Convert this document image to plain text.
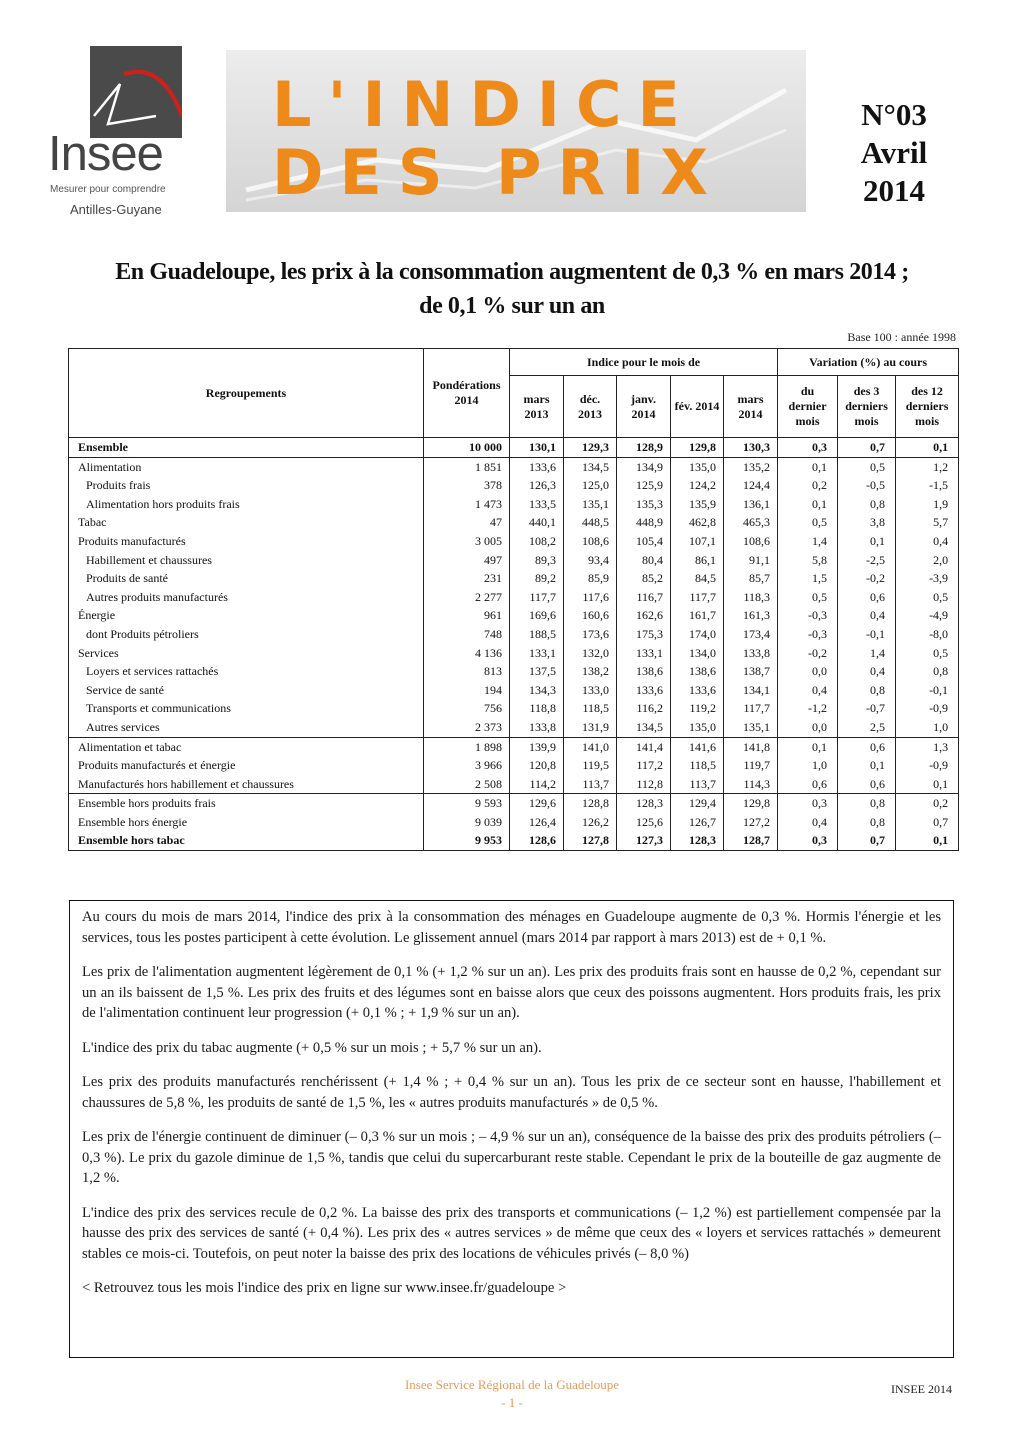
Insee
Mesurer pour comprendre
Antilles-Guyane
L'INDICE
DES PRIX
N°03
Avril
2014
En Guadeloupe, les prix à la consommation augmentent de 0,3 % en mars 2014 ;
de 0,1 % sur un an
Base 100 : année 1998
Regroupements	Pondérations 2014	Indice pour le mois de					Variation (%) au cours		
		mars 2013	déc. 2013	janv. 2014	fév. 2014	mars 2014	du dernier mois	des 3 derniers mois	des 12 derniers mois
Ensemble	10 000	130,1	129,3	128,9	129,8	130,3	0,3	0,7	0,1
Alimentation	1 851	133,6	134,5	134,9	135,0	135,2	0,1	0,5	1,2
Produits frais	378	126,3	125,0	125,9	124,2	124,4	0,2	-0,5	-1,5
Alimentation hors produits frais	1 473	133,5	135,1	135,3	135,9	136,1	0,1	0,8	1,9
Tabac	47	440,1	448,5	448,9	462,8	465,3	0,5	3,8	5,7
Produits manufacturés	3 005	108,2	108,6	105,4	107,1	108,6	1,4	0,1	0,4
Habillement et chaussures	497	89,3	93,4	80,4	86,1	91,1	5,8	-2,5	2,0
Produits de santé	231	89,2	85,9	85,2	84,5	85,7	1,5	-0,2	-3,9
Autres produits manufacturés	2 277	117,7	117,6	116,7	117,7	118,3	0,5	0,6	0,5
Énergie	961	169,6	160,6	162,6	161,7	161,3	-0,3	0,4	-4,9
dont Produits pétroliers	748	188,5	173,6	175,3	174,0	173,4	-0,3	-0,1	-8,0
Services	4 136	133,1	132,0	133,1	134,0	133,8	-0,2	1,4	0,5
Loyers et services rattachés	813	137,5	138,2	138,6	138,6	138,7	0,0	0,4	0,8
Service de santé	194	134,3	133,0	133,6	133,6	134,1	0,4	0,8	-0,1
Transports et communications	756	118,8	118,5	116,2	119,2	117,7	-1,2	-0,7	-0,9
Autres services	2 373	133,8	131,9	134,5	135,0	135,1	0,0	2,5	1,0
Alimentation et tabac	1 898	139,9	141,0	141,4	141,6	141,8	0,1	0,6	1,3
Produits manufacturés et énergie	3 966	120,8	119,5	117,2	118,5	119,7	1,0	0,1	-0,9
Manufacturés hors habillement et chaussures	2 508	114,2	113,7	112,8	113,7	114,3	0,6	0,6	0,1
Ensemble hors produits frais	9 593	129,6	128,8	128,3	129,4	129,8	0,3	0,8	0,2
Ensemble hors énergie	9 039	126,4	126,2	125,6	126,7	127,2	0,4	0,8	0,7
Ensemble hors tabac	9 953	128,6	127,8	127,3	128,3	128,7	0,3	0,7	0,1

Au cours du mois de mars 2014, l'indice des prix à la consommation des ménages en Guadeloupe augmente de 0,3 %. Hormis l'énergie et les services, tous les postes participent à cette évolution. Le glissement annuel (mars 2014 par rapport à mars 2013) est de + 0,1 %.

Les prix de l'alimentation augmentent légèrement de 0,1 % (+ 1,2 % sur un an). Les prix des produits frais sont en hausse de 0,2 %, cependant sur un an ils baissent de 1,5 %. Les prix des fruits et des légumes sont en baisse alors que ceux des poissons augmentent. Hors produits frais, les prix de l'alimentation continuent leur progression (+ 0,1 % ; + 1,9 % sur un an).

L'indice des prix du tabac augmente (+ 0,5 % sur un mois ; + 5,7 % sur un an).

Les prix des produits manufacturés renchérissent (+ 1,4 % ; + 0,4 % sur un an). Tous les prix de ce secteur sont en hausse, l'habillement et chaussures de 5,8 %, les produits de santé de 1,5 %, les « autres produits manufacturés » de 0,5 %.

Les prix de l'énergie continuent de diminuer (– 0,3 % sur un mois ; – 4,9 % sur un an), conséquence de la baisse des prix des produits pétroliers (– 0,3 %). Le prix du gazole diminue de 1,5 %, tandis que celui du supercarburant reste stable. Cependant le prix de la bouteille de gaz augmente de 1,2 %.

L'indice des prix des services recule de 0,2 %. La baisse des prix des transports et communications (– 1,2 %) est partiellement compensée par la hausse des prix des services de santé (+ 0,4 %). Les prix des « autres services » de même que ceux des « loyers et services rattachés » demeurent stables ce mois-ci. Toutefois, on peut noter la baisse des prix des locations de véhicules privés (– 8,0 %)

< Retrouvez tous les mois l'indice des prix en ligne sur www.insee.fr/guadeloupe >

Insee Service Régional de la Guadeloupe
- 1 -
INSEE 2014
